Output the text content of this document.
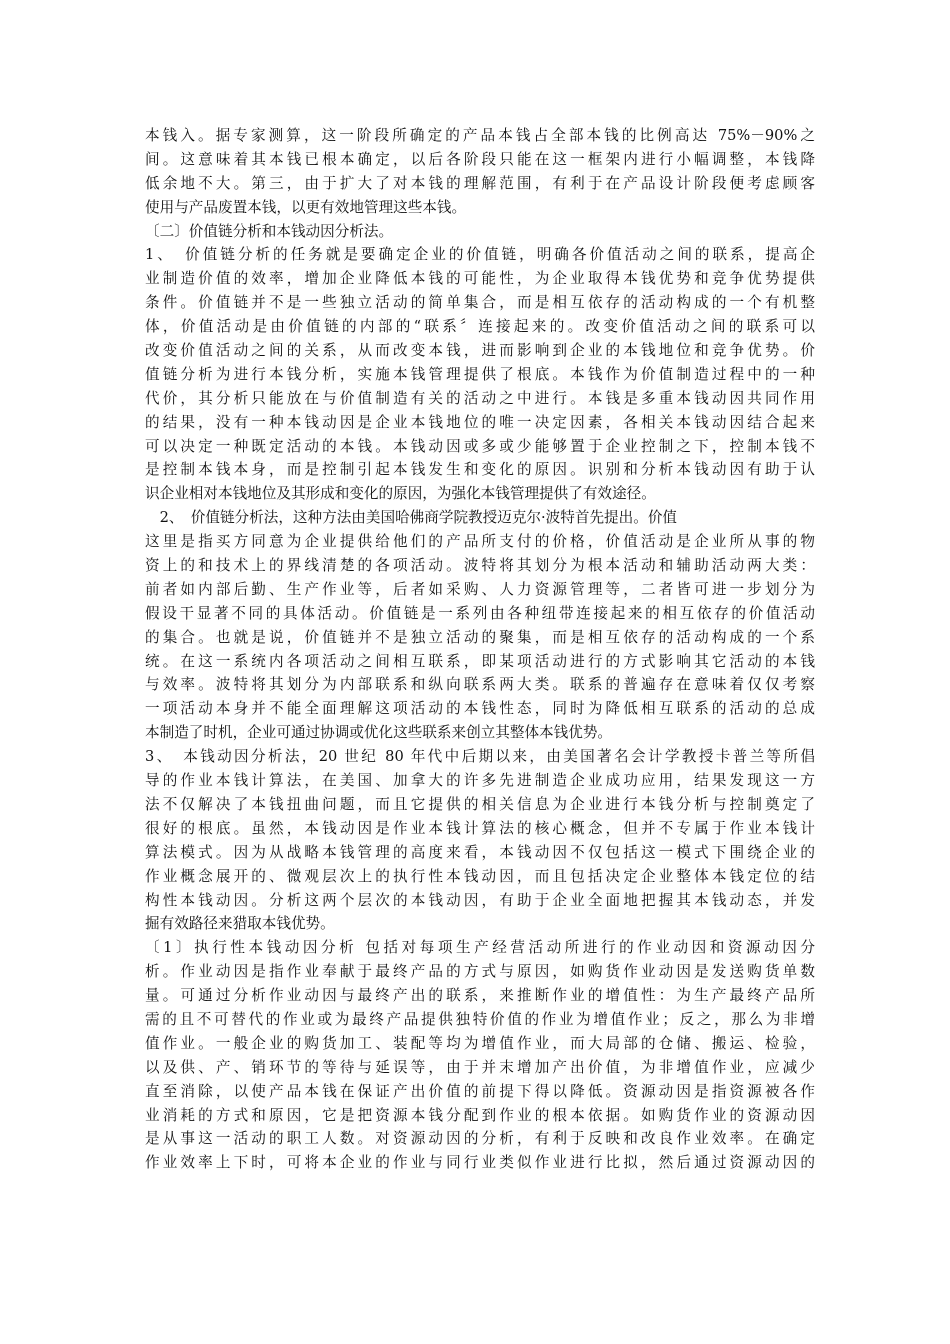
本钱入。据专家测算，这一阶段所确定的产品本钱占全部本钱的比例高达 75%－90%之
间。这意味着其本钱已根本确定，以后各阶段只能在这一框架内进行小幅调整，本钱降
低余地不大。第三，由于扩大了对本钱的理解范围，有利于在产品设计阶段便考虑顾客
使用与产品废置本钱，以更有效地管理这些本钱。
〔二〕价值链分析和本钱动因分析法。
1、　价值链分析的任务就是要确定企业的价值链，明确各价值活动之间的联系，提高企
业制造价值的效率，增加企业降低本钱的可能性，为企业取得本钱优势和竞争优势提供
条件。价值链并不是一些独立活动的简单集合，而是相互依存的活动构成的一个有机整
体，价值活动是由价值链的内部的“联系〞连接起来的。改变价值活动之间的联系可以
改变价值活动之间的关系，从而改变本钱，进而影响到企业的本钱地位和竞争优势。价
值链分析为进行本钱分析，实施本钱管理提供了根底。本钱作为价值制造过程中的一种
代价，其分析只能放在与价值制造有关的活动之中进行。本钱是多重本钱动因共同作用
的结果，没有一种本钱动因是企业本钱地位的唯一决定因素，各相关本钱动因结合起来
可以决定一种既定活动的本钱。本钱动因或多或少能够置于企业控制之下，控制本钱不
是控制本钱本身，而是控制引起本钱发生和变化的原因。识别和分析本钱动因有助于认
识企业相对本钱地位及其形成和变化的原因，为强化本钱管理提供了有效途径。
　2、　价值链分析法，这种方法由美国哈佛商学院教授迈克尔·波特首先提出。价值
这里是指买方同意为企业提供给他们的产品所支付的价格，价值活动是企业所从事的物
资上的和技术上的界线清楚的各项活动。波特将其划分为根本活动和辅助活动两大类：
前者如内部后勤、生产作业等，后者如采购、人力资源管理等，二者皆可进一步划分为
假设干显著不同的具体活动。价值链是一系列由各种纽带连接起来的相互依存的价值活动
的集合。也就是说，价值链并不是独立活动的聚集，而是相互依存的活动构成的一个系
统。在这一系统内各项活动之间相互联系，即某项活动进行的方式影响其它活动的本钱
与效率。波特将其划分为内部联系和纵向联系两大类。联系的普遍存在意味着仅仅考察
一项活动本身并不能全面理解这项活动的本钱性态，同时为降低相互联系的活动的总成
本制造了时机，企业可通过协调或优化这些联系来创立其整体本钱优势。
3、　本钱动因分析法，20 世纪 80 年代中后期以来，由美国著名会计学教授卡普兰等所倡
导的作业本钱计算法，在美国、加拿大的许多先进制造企业成功应用，结果发现这一方
法不仅解决了本钱扭曲问题，而且它提供的相关信息为企业进行本钱分析与控制奠定了
很好的根底。虽然，本钱动因是作业本钱计算法的核心概念，但并不专属于作业本钱计
算法模式。因为从战略本钱管理的高度来看，本钱动因不仅包括这一模式下围绕企业的
作业概念展开的、微观层次上的执行性本钱动因，而且包括决定企业整体本钱定位的结
构性本钱动因。分析这两个层次的本钱动因，有助于企业全面地把握其本钱动态，并发
掘有效路径来猎取本钱优势。
〔1〕执行性本钱动因分析 包括对每项生产经营活动所进行的作业动因和资源动因分
析。作业动因是指作业奉献于最终产品的方式与原因，如购货作业动因是发送购货单数
量。可通过分析作业动因与最终产出的联系，来推断作业的增值性：为生产最终产品所
需的且不可替代的作业或为最终产品提供独特价值的作业为增值作业；反之，那么为非增
值作业。一般企业的购货加工、装配等均为增值作业，而大局部的仓储、搬运、检验，
以及供、产、销环节的等待与延误等，由于并末增加产出价值，为非增值作业，应减少
直至消除，以使产品本钱在保证产出价值的前提下得以降低。资源动因是指资源被各作
业消耗的方式和原因，它是把资源本钱分配到作业的根本依据。如购货作业的资源动因
是从事这一活动的职工人数。对资源动因的分析，有利于反映和改良作业效率。在确定
作业效率上下时，可将本企业的作业与同行业类似作业进行比拟，然后通过资源动因的
